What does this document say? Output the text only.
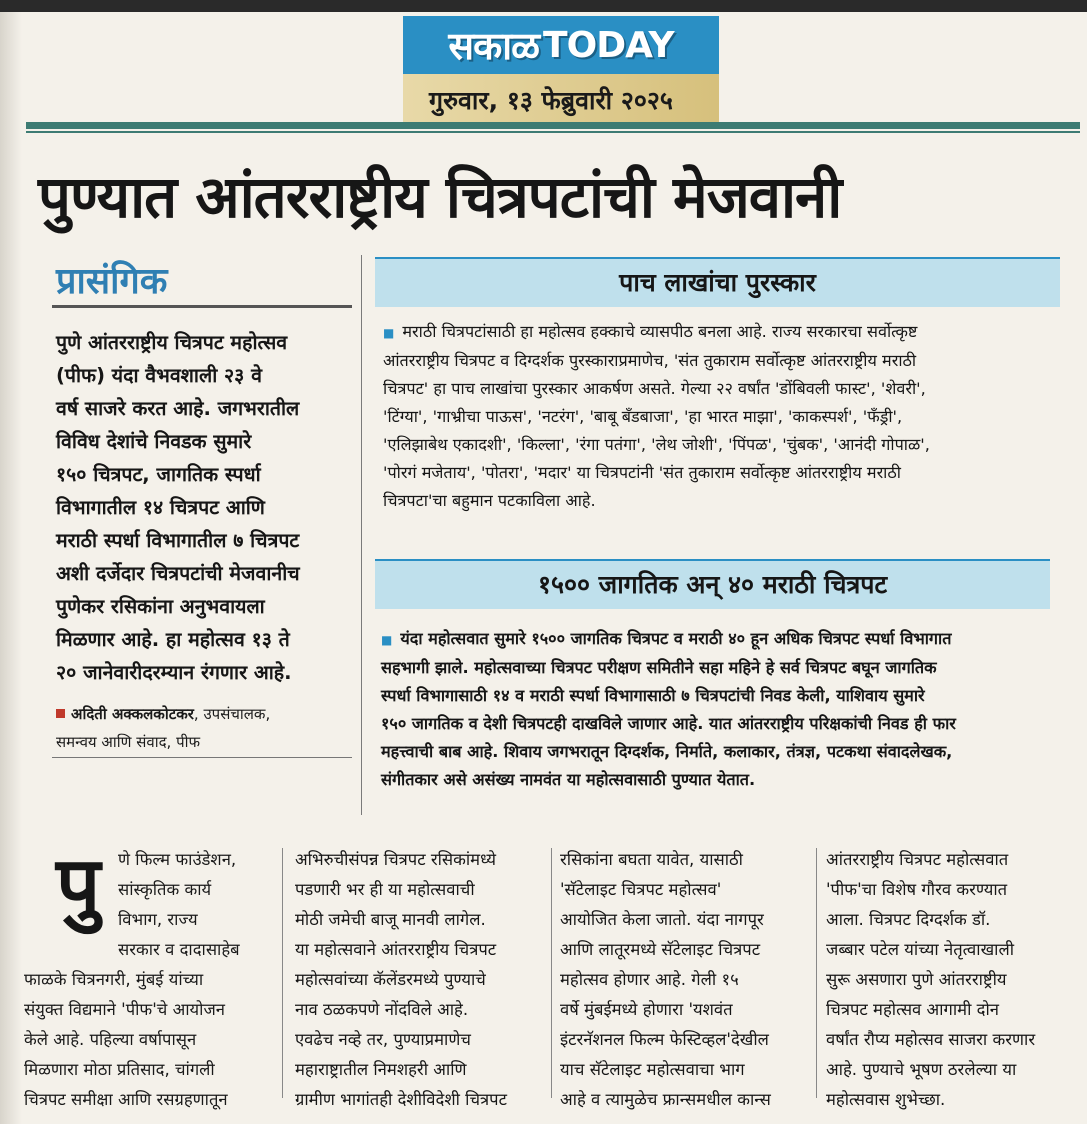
सकाळ TODAY
गुरुवार, १३ फेब्रुवारी २०२५
पुण्यात आंतरराष्ट्रीय चित्रपटांची मेजवानी
प्रासंगिक
पुणे आंतरराष्ट्रीय चित्रपट महोत्सव
(पीफ) यंदा वैभवशाली २३ वे
वर्ष साजरे करत आहे. जगभरातील
विविध देशांचे निवडक सुमारे
१५० चित्रपट, जागतिक स्पर्धा
विभागातील १४ चित्रपट आणि
मराठी स्पर्धा विभागातील ७ चित्रपट
अशी दर्जेदार चित्रपटांची मेजवानीच
पुणेकर रसिकांना अनुभवायला
मिळणार आहे. हा महोत्सव १३ ते
२० जानेवारीदरम्यान रंगणार आहे.
अदिती अक्कलकोटकर, उपसंचालक,
समन्वय आणि संवाद, पीफ
पाच लाखांचा पुरस्कार
■ मराठी चित्रपटांसाठी हा महोत्सव हक्काचे व्यासपीठ बनला आहे. राज्य सरकारचा सर्वोत्कृष्ट
आंतरराष्ट्रीय चित्रपट व दिग्दर्शक पुरस्काराप्रमाणेच, 'संत तुकाराम सर्वोत्कृष्ट आंतरराष्ट्रीय मराठी
चित्रपट' हा पाच लाखांचा पुरस्कार आकर्षण असते. गेल्या २२ वर्षांत 'डोंबिवली फास्ट', 'शेवरी',
'टिंग्या', 'गाभ्रीचा पाऊस', 'नटरंग', 'बाबू बँडबाजा', 'हा भारत माझा', 'काकस्पर्श', 'फँड्री',
'एलिझाबेथ एकादशी', 'किल्ला', 'रंगा पतंगा', 'लेथ जोशी', 'पिंपळ', 'चुंबक', 'आनंदी गोपाळ',
'पोरगं मजेताय', 'पोतरा', 'मदार' या चित्रपटांनी 'संत तुकाराम सर्वोत्कृष्ट आंतरराष्ट्रीय मराठी
चित्रपटा'चा बहुमान पटकाविला आहे.
१५०० जागतिक अन् ४० मराठी चित्रपट
■ यंदा महोत्सवात सुमारे १५०० जागतिक चित्रपट व मराठी ४० हून अधिक चित्रपट स्पर्धा विभागात
सहभागी झाले. महोत्सवाच्या चित्रपट परीक्षण समितीने सहा महिने हे सर्व चित्रपट बघून जागतिक
स्पर्धा विभागासाठी १४ व मराठी स्पर्धा विभागासाठी ७ चित्रपटांची निवड केली, याशिवाय सुमारे
१५० जागतिक व देशी चित्रपटही दाखविले जाणार आहे. यात आंतरराष्ट्रीय परिक्षकांची निवड ही फार
महत्त्वाची बाब आहे. शिवाय जगभरातून दिग्दर्शक, निर्माते, कलाकार, तंत्रज्ञ, पटकथा संवादलेखक,
संगीतकार असे असंख्य नामवंत या महोत्सवासाठी पुण्यात येतात.
पु	णे फिल्म फाउंडेशन,
सांस्कृतिक कार्य
विभाग, राज्य
सरकार व दादासाहेब
फाळके चित्रनगरी, मुंबई यांच्या
संयुक्त विद्यमाने 'पीफ'चे आयोजन
केले आहे. पहिल्या वर्षापासून
मिळणारा मोठा प्रतिसाद, चांगली
चित्रपट समीक्षा आणि रसग्रहणातून
अभिरुचीसंपन्न चित्रपट रसिकांमध्ये
पडणारी भर ही या महोत्सवाची
मोठी जमेची बाजू मानवी लागेल.
या महोत्सवाने आंतरराष्ट्रीय चित्रपट
महोत्सवांच्या कॅलेंडरमध्ये पुण्याचे
नाव ठळकपणे नोंदविले आहे.
एवढेच नव्हे तर, पुण्याप्रमाणेच
महाराष्ट्रातील निमशहरी आणि
ग्रामीण भागांतही देशीविदेशी चित्रपट
रसिकांना बघता यावेत, यासाठी
'सॅटेलाइट चित्रपट महोत्सव'
आयोजित केला जातो. यंदा नागपूर
आणि लातूरमध्ये सॅटेलाइट चित्रपट
महोत्सव होणार आहे. गेली १५
वर्षे मुंबईमध्ये होणारा 'यशवंत
इंटरनॅशनल फिल्म फेस्टिव्हल'देखील
याच सॅटेलाइट महोत्सवाचा भाग
आहे व त्यामुळेच फ्रान्समधील कान्स
आंतरराष्ट्रीय चित्रपट महोत्सवात
'पीफ'चा विशेष गौरव करण्यात
आला. चित्रपट दिग्दर्शक डॉ.
जब्बार पटेल यांच्या नेतृत्वाखाली
सुरू असणारा पुणे आंतरराष्ट्रीय
चित्रपट महोत्सव आगामी दोन
वर्षांत रौप्य महोत्सव साजरा करणार
आहे. पुण्याचे भूषण ठरलेल्या या
महोत्सवास शुभेच्छा.
